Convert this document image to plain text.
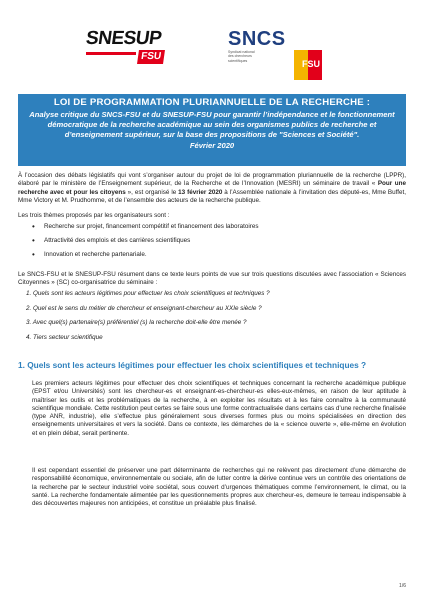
SNESUP
FSU
SNCS
Syndicat national
des chercheurs
scientifiques	FSU
LOI DE PROGRAMMATION PLURIANNUELLE DE LA RECHERCHE :
Analyse critique du SNCS-FSU et du SNESUP-FSU pour garantir l’indépendance et le fonctionnement démocratique de la recherche académique au sein des organismes publics de recherche et d’enseignement supérieur, sur la base des propositions de "Sciences et Société".
Février 2020
À l’occasion des débats législatifs qui vont s’organiser autour du projet de loi de programmation pluriannuelle de la recherche (LPPR), élaboré par le ministère de l’Enseignement supérieur, de la Recherche et de l’Innovation (MESRI) un séminaire de travail « Pour une recherche avec et pour les citoyens », est organisé le 13 février 2020 à l’Assemblée nationale à l’invitation des député-es, Mme Buffet, Mme Victory et M. Prudhomme, et de l’ensemble des acteurs de la recherche publique.
Les trois thèmes proposés par les organisateurs sont :
• Recherche sur projet, financement compétitif et financement des laboratoires
• Attractivité des emplois et des carrières scientifiques
• Innovation et recherche partenariale.
Le SNCS-FSU et le SNESUP-FSU résument dans ce texte leurs points de vue sur trois questions discutées avec l’association « Sciences Citoyennes » (SC) co-organisatrice du séminaire :
1. Quels sont les acteurs légitimes pour effectuer les choix scientifiques et techniques ?
2. Quel est le sens du métier de chercheur et enseignant-chercheur au XXIe siècle ?
3. Avec quel(s) partenaire(s) préférentiel (s) la recherche doit-elle être menée ?
4. Tiers secteur scientifique
1. Quels sont les acteurs légitimes pour effectuer les choix scientifiques et techniques ?
Les premiers acteurs légitimes pour effectuer des choix scientifiques et techniques concernant la recherche académique publique (EPST et/ou Universités) sont les chercheur-es et enseignant-es-chercheur-es elles-eux-mêmes, en raison de leur aptitude à maîtriser les outils et les problématiques de la recherche, à en exploiter les résultats et à les faire connaître à la communauté scientifique mondiale. Cette restitution peut certes se faire sous une forme contractualisée dans certains cas d’une recherche finalisée (type ANR, industrie), elle s’effectue plus généralement sous diverses formes plus ou moins spécialisées en direction des enseignements universitaires et vers la société. Dans ce contexte, les démarches de la « science ouverte », elle-même en évolution et en plein débat, serait pertinente.
Il est cependant essentiel de préserver une part déterminante de recherches qui ne relèvent pas directement d’une démarche de responsabilité économique, environnementale ou sociale, afin de lutter contre la dérive continue vers un contrôle des orientations de la recherche par le secteur industriel voire sociétal, sous couvert d’urgences thématiques comme l’environnement, le climat, ou la santé. La recherche fondamentale alimentée par les questionnements propres aux chercheur-es, demeure le terreau indispensable à des découvertes majeures non anticipées, et constitue un préalable plus finalisé.
1/6
